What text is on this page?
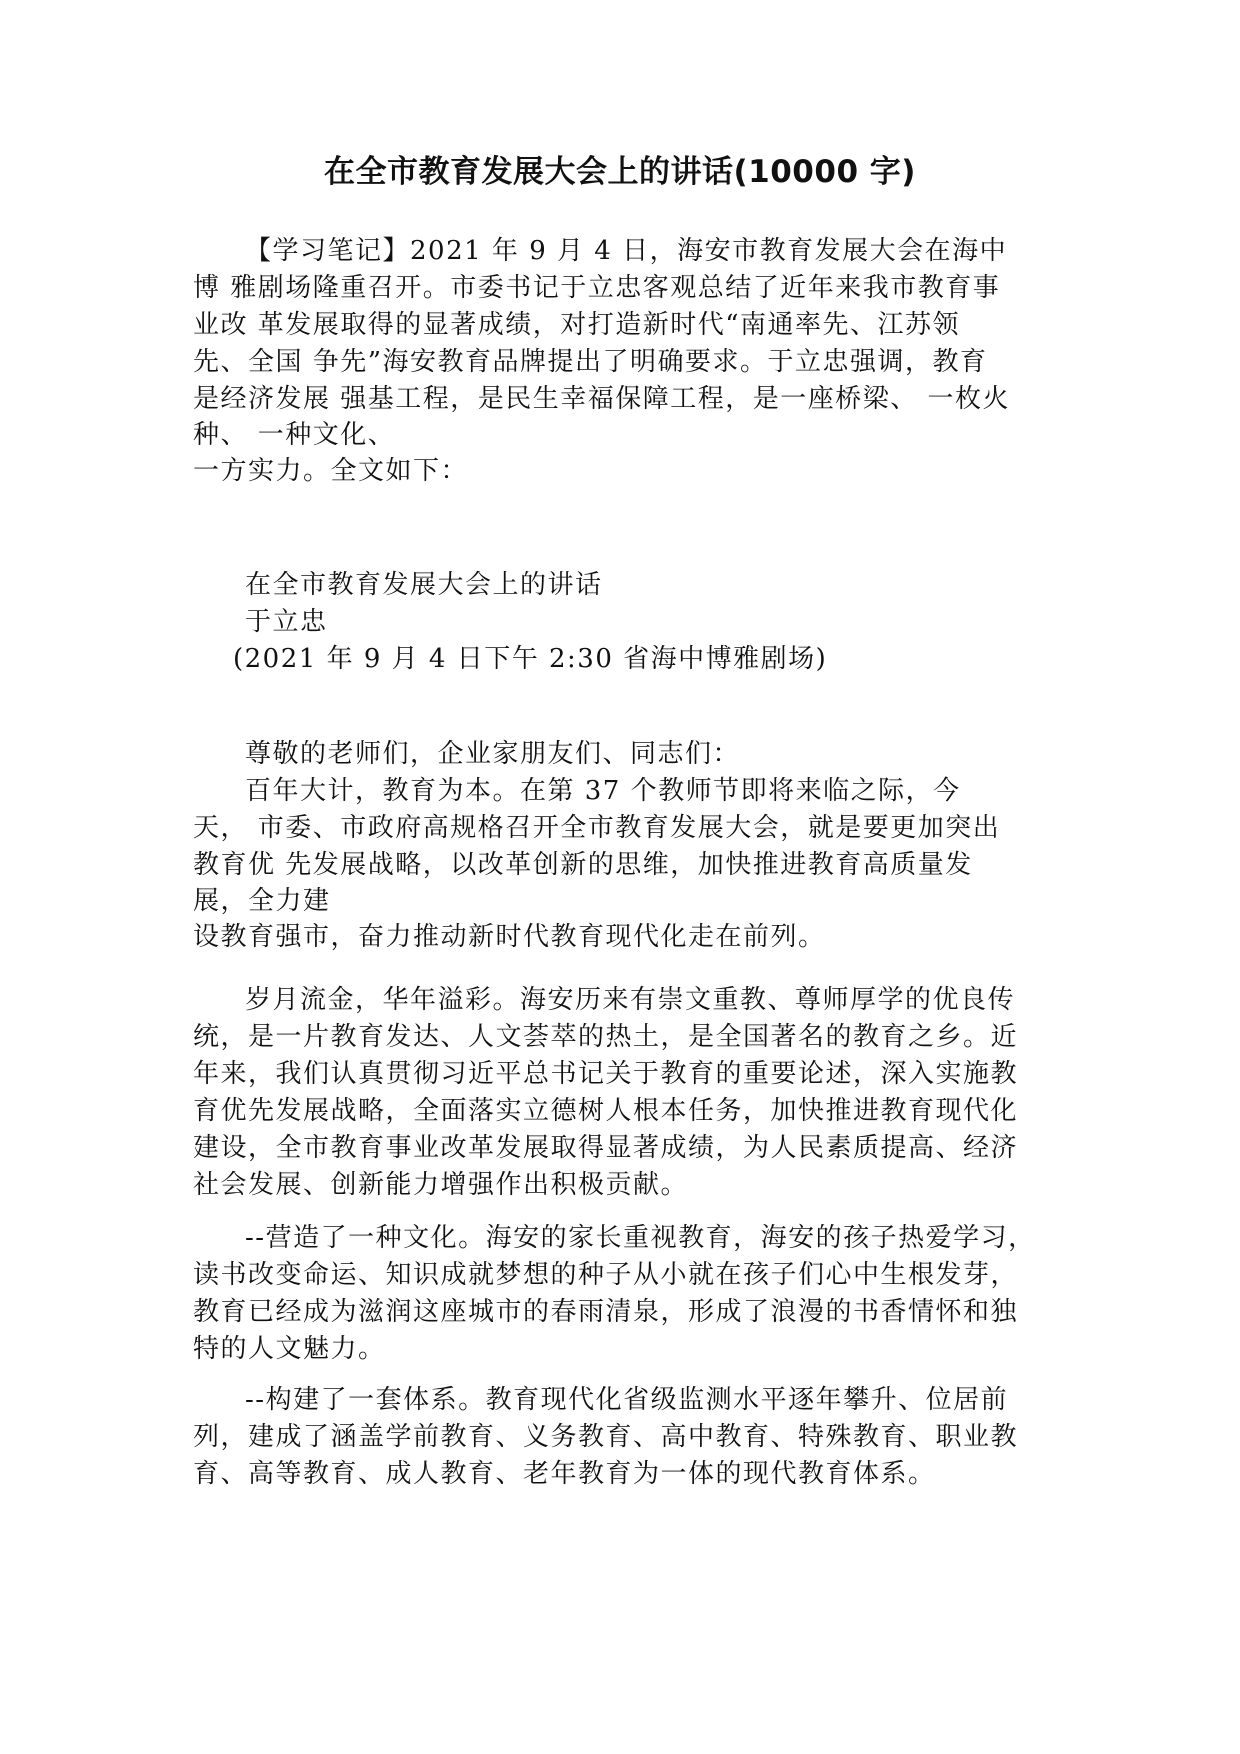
在全市教育发展大会上的讲话(10000 字)
【学习笔记】2021 年 9 月 4 日，海安市教育发展大会在海中
博 雅剧场隆重召开。市委书记于立忠客观总结了近年来我市教育事
业改 革发展取得的显著成绩，对打造新时代“南通率先、江苏领
先、全国 争先”海安教育品牌提出了明确要求。于立忠强调，教育
是经济发展 强基工程，是民生幸福保障工程，是一座桥梁、 一枚火
种、 一种文化、
一方实力。全文如下：
在全市教育发展大会上的讲话
于立忠
(2021 年 9 月 4 日下午 2:30 省海中博雅剧场)
尊敬的老师们，企业家朋友们、同志们：
百年大计，教育为本。在第 37 个教师节即将来临之际，今
天， 市委、市政府高规格召开全市教育发展大会，就是要更加突出
教育优 先发展战略，以改革创新的思维，加快推进教育高质量发
展，全力建
设教育强市，奋力推动新时代教育现代化走在前列。
岁月流金，华年溢彩。海安历来有崇文重教、尊师厚学的优良传
统，是一片教育发达、人文荟萃的热土，是全国著名的教育之乡。近
年来，我们认真贯彻习近平总书记关于教育的重要论述，深入实施教
育优先发展战略，全面落实立德树人根本任务，加快推进教育现代化
建设，全市教育事业改革发展取得显著成绩，为人民素质提高、经济
社会发展、创新能力增强作出积极贡献。
--营造了一种文化。海安的家长重视教育，海安的孩子热爱学习，
读书改变命运、知识成就梦想的种子从小就在孩子们心中生根发芽，
教育已经成为滋润这座城市的春雨清泉，形成了浪漫的书香情怀和独
特的人文魅力。
--构建了一套体系。教育现代化省级监测水平逐年攀升、位居前
列，建成了涵盖学前教育、义务教育、高中教育、特殊教育、职业教
育、高等教育、成人教育、老年教育为一体的现代教育体系。
